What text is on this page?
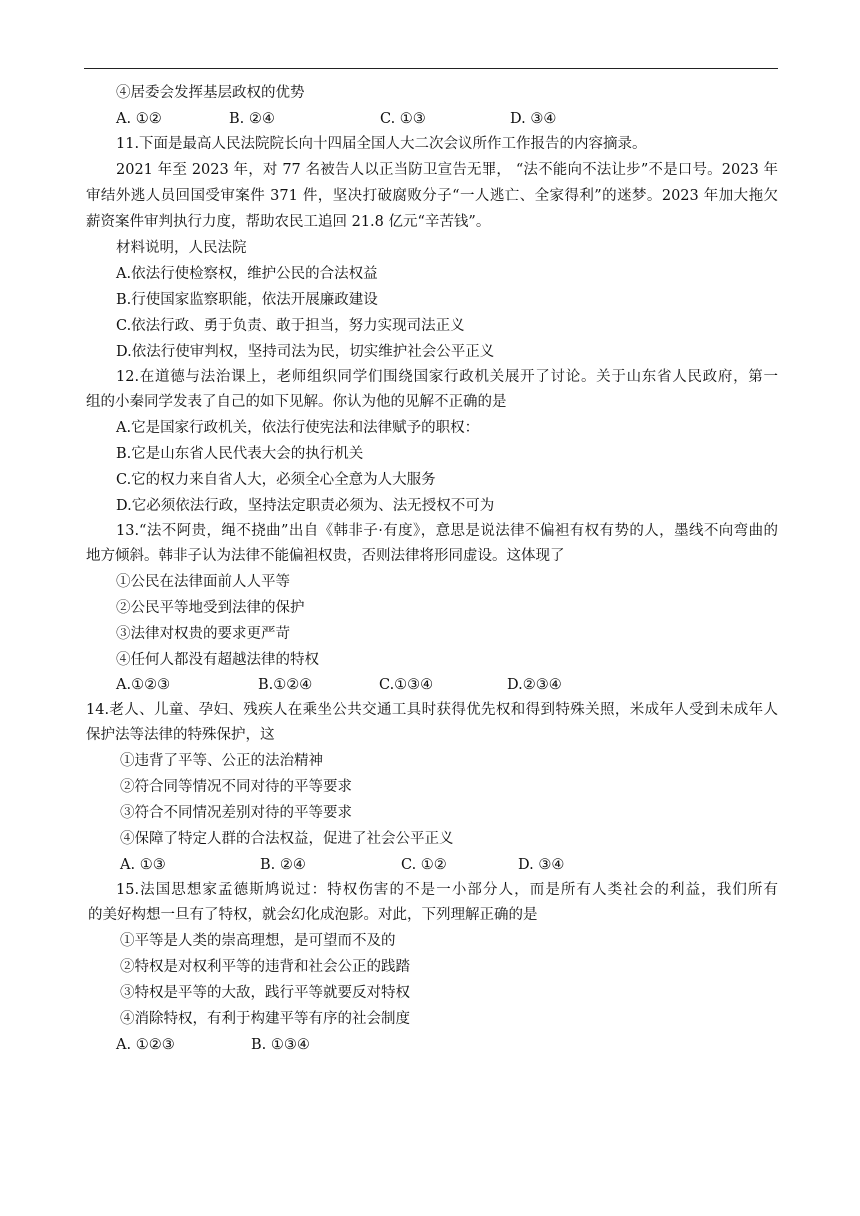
④居委会发挥基层政权的优势
A. ①②	B. ②④	C. ①③	D. ③④
11.下面是最高人民法院院长向十四届全国人大二次会议所作工作报告的内容摘录。
2021 年至 2023 年，对 77 名被告人以正当防卫宣告无罪， “法不能向不法让步”不是口号。2023 年
审结外逃人员回国受审案件 371 件，坚决打破腐败分子“一人逃亡、全家得利”的迷梦。2023 年加大拖欠
薪资案件审判执行力度，帮助农民工追回 21.8 亿元“辛苦钱”。
材料说明，人民法院
A.依法行使检察权，维护公民的合法权益
B.行使国家监察职能，依法开展廉政建设
C.依法行政、勇于负责、敢于担当，努力实现司法正义
D.依法行使审判权，坚持司法为民，切实维护社会公平正义
12.在道德与法治课上，老师组织同学们围绕国家行政机关展开了讨论。关于山东省人民政府，第一
组的小秦同学发表了自己的如下见解。你认为他的见解不正确的是
A.它是国家行政机关，依法行使宪法和法律赋予的职权：
B.它是山东省人民代表大会的执行机关
C.它的权力来自省人大，必须全心全意为人大服务
D.它必须依法行政，坚持法定职责必须为、法无授权不可为
13.“法不阿贵，绳不挠曲”出自《韩非子·有度》，意思是说法律不偏袒有权有势的人，墨线不向弯曲的
地方倾斜。韩非子认为法律不能偏袒权贵，否则法律将形同虚设。这体现了
①公民在法律面前人人平等
②公民平等地受到法律的保护
③法律对权贵的要求更严苛
④任何人都没有超越法律的特权
A.①②③	B.①②④	C.①③④	D.②③④
14.老人、儿童、孕妇、残疾人在乘坐公共交通工具时获得优先权和得到特殊关照，米成年人受到未成年人
保护法等法律的特殊保护，这
①违背了平等、公正的法治精神
②符合同等情况不同对待的平等要求
③符合不同情况差别对待的平等要求
④保障了特定人群的合法权益，促进了社会公平正义
A. ①③	B. ②④	C. ①②	D. ③④
15.法国思想家孟德斯鸠说过：特权伤害的不是一小部分人，而是所有人类社会的利益，我们所有
的美好构想一旦有了特权，就会幻化成泡影。对此，下列理解正确的是
①平等是人类的崇高理想，是可望而不及的
②特权是对权利平等的违背和社会公正的践踏
③特权是平等的大敌，践行平等就要反对特权
④消除特权，有利于构建平等有序的社会制度
A. ①②③	B. ①③④
